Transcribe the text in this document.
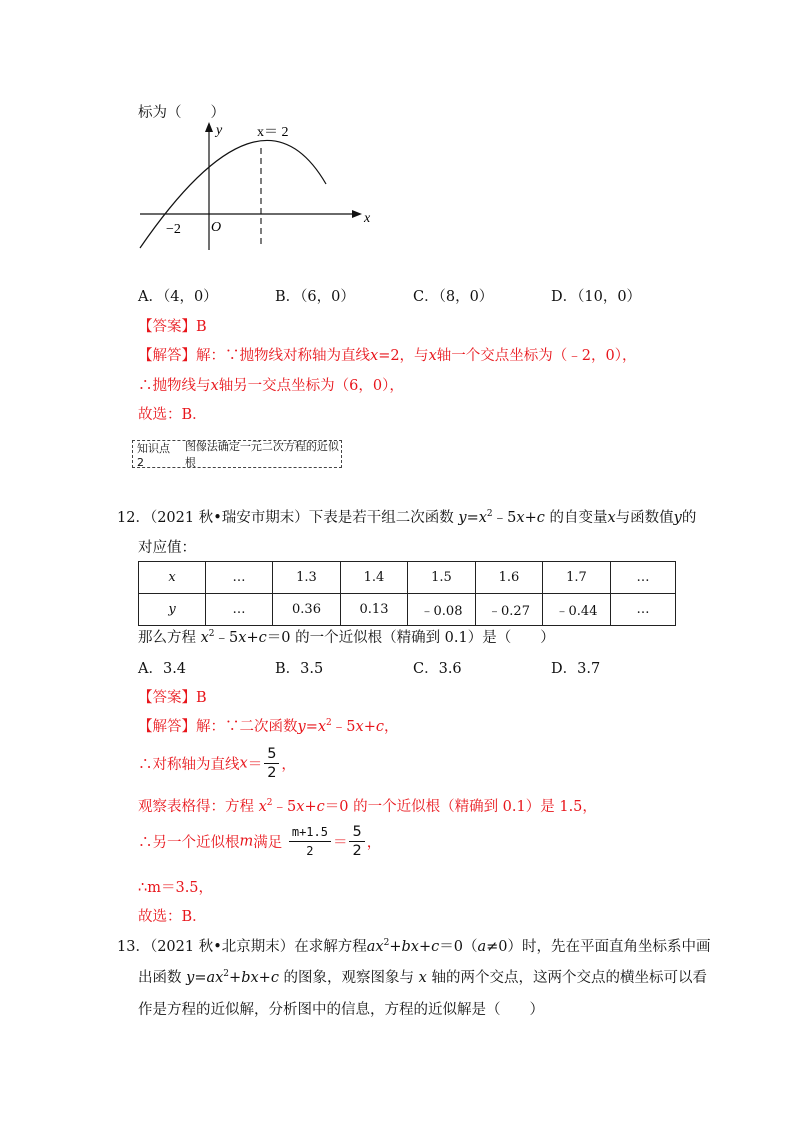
标为（　　）
y
x
x＝ 2
−2 O
A．（4，0）	B．（6，0）	C．（8，0）	D．（10，0）
【答案】B
【解答】解：∵抛物线对称轴为直线x=2，与x轴一个交点坐标为（﹣2，0），
∴抛物线与x轴另一交点坐标为（6，0），
故选：B．
知识点2
图像法确定一元二次方程的近似根
12．（2021 秋•瑞安市期末）下表是若干组二次函数 $y=x^2﹣5x+c$ 的自变量x与函数值y的
对应值：
x	…	1.3	1.4	1.5	1.6	1.7	…
y	…	0.36	0.13	﹣0.08	﹣0.27	﹣0.44	…
那么方程 $x^2﹣5x+c=0$ 的一个近似根（精确到 0.1）是（　　）
A．3.4	B．3.5	C．3.6	D．3.7
【答案】B
【解答】解：∵二次函数$y=x^2﹣5x+c$，
∴对称轴为直线$x= \frac{5}{2}$ ，
观察表格得：方程 $x^2﹣5x+c=0$ 的一个近似根（精确到 0.1）是 1.5，
∴另一个近似根m满足 $\frac{m+1.5}{2} = \frac{5}{2}$ ，
∴m＝3.5，
故选：B．
13．（2021 秋•北京期末）在求解方程$ax^2+bx+c=0(a\ne 0)$时，先在平面直角坐标系中画
出函数 $y=ax^2+bx+c$ 的图象，观察图象与 x 轴的两个交点，这两个交点的横坐标可以看
作是方程的近似解，分析图中的信息，方程的近似解是（　　）
